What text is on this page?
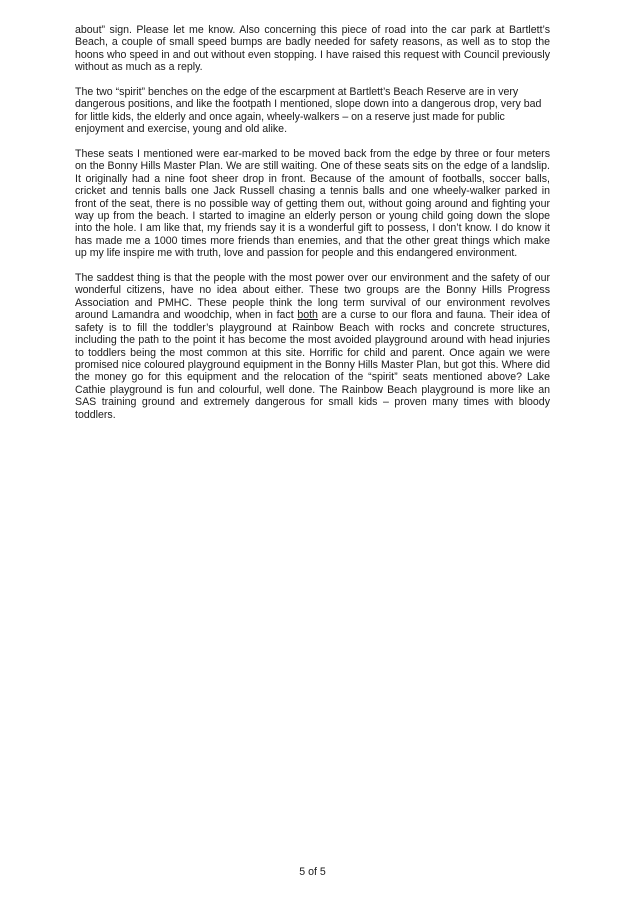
about” sign. Please let me know. Also concerning this piece of road into the car park at Bartlett’s Beach, a couple of small speed bumps are badly needed for safety reasons, as well as to stop the hoons who speed in and out without even stopping. I have raised this request with Council previously without as much as a reply.

The two “spirit” benches on the edge of the escarpment at Bartlett’s Beach Reserve are in very dangerous positions, and like the footpath I mentioned, slope down into a dangerous drop, very bad for little kids, the elderly and once again, wheely-walkers – on a reserve just made for public enjoyment and exercise, young and old alike.

These seats I mentioned were ear-marked to be moved back from the edge by three or four meters on the Bonny Hills Master Plan. We are still waiting. One of these seats sits on the edge of a landslip. It originally had a nine foot sheer drop in front. Because of the amount of footballs, soccer balls, cricket and tennis balls one Jack Russell chasing a tennis balls and one wheely-walker parked in front of the seat, there is no possible way of getting them out, without going around and fighting your way up from the beach. I started to imagine an elderly person or young child going down the slope into the hole. I am like that, my friends say it is a wonderful gift to possess, I don’t know. I do know it has made me a 1000 times more friends than enemies, and that the other great things which make up my life inspire me with truth, love and passion for people and this endangered environment.

The saddest thing is that the people with the most power over our environment and the safety of our wonderful citizens, have no idea about either. These two groups are the Bonny Hills Progress Association and PMHC. These people think the long term survival of our environment revolves around Lamandra and woodchip, when in fact both are a curse to our flora and fauna. Their idea of safety is to fill the toddler’s playground at Rainbow Beach with rocks and concrete structures, including the path to the point it has become the most avoided playground around with head injuries to toddlers being the most common at this site. Horrific for child and parent. Once again we were promised nice coloured playground equipment in the Bonny Hills Master Plan, but got this. Where did the money go for this equipment and the relocation of the “spirit” seats mentioned above? Lake Cathie playground is fun and colourful, well done. The Rainbow Beach playground is more like an SAS training ground and extremely dangerous for small kids – proven many times with bloody toddlers.

5 of 5
